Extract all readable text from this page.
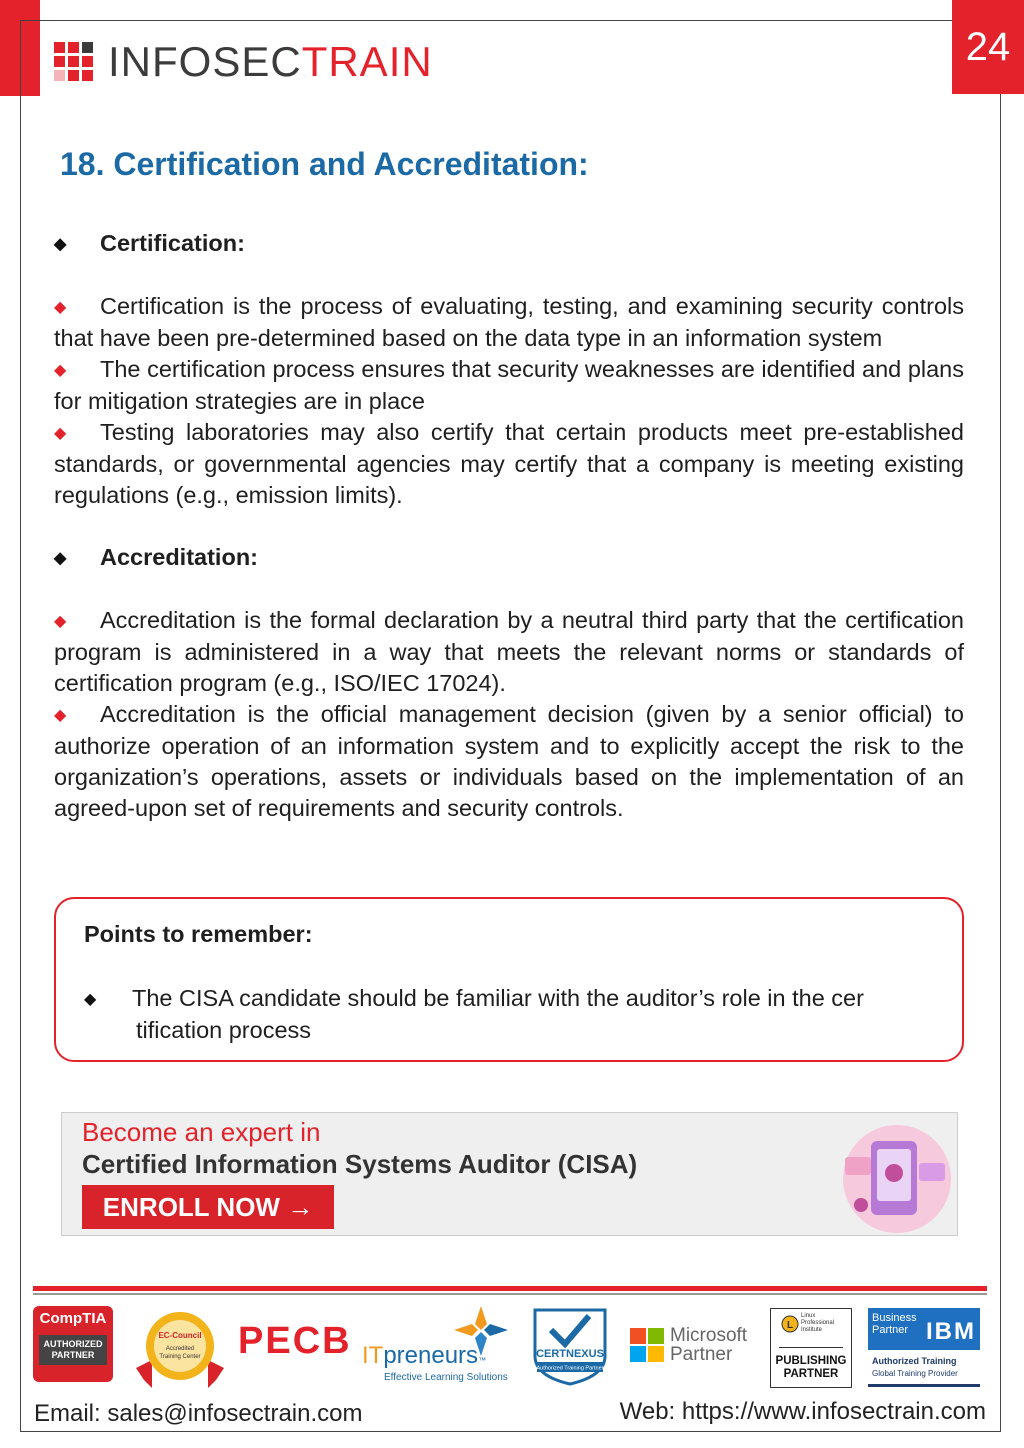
24
INFOSECTRAIN
18. Certification and Accreditation:

◆ Certification:

◆ Certification is the process of evaluating, testing, and examining security controls that have been pre-determined based on the data type in an information system

◆ The certification process ensures that security weaknesses are identified and plans for mitigation strategies are in place

◆ Testing laboratories may also certify that certain products meet pre-established standards, or governmental agencies may certify that a company is meeting existing regulations (e.g., emission limits).

◆ Accreditation:

◆ Accreditation is the formal declaration by a neutral third party that the certification program is administered in a way that meets the relevant norms or standards of certification program (e.g., ISO/IEC 17024).

◆ Accreditation is the official management decision (given by a senior official) to authorize operation of an information system and to explicitly accept the risk to the organization’s operations, assets or individuals based on the implementation of an agreed-upon set of requirements and security controls.

Points to remember:
◆ The CISA candidate should be familiar with the auditor’s role in the cer
tification process
Become an expert in
Certified Information Systems Auditor (CISA)
ENROLL NOW →
CompTIA
AUTHORIZED PARTNER
EC-Council
Accredited
Training Center PECB ITpreneurs™
Effective Learning Solutions
Authorized Training Partner
CERTNEXUS
Microsoft
Partner
L
Linux Professional Institute
PUBLISHING
PARTNER
Business
Partner IBM
Authorized Training
Global Training Provider
Email: sales@infosectrain.com	Web: https://www.infosectrain.com
